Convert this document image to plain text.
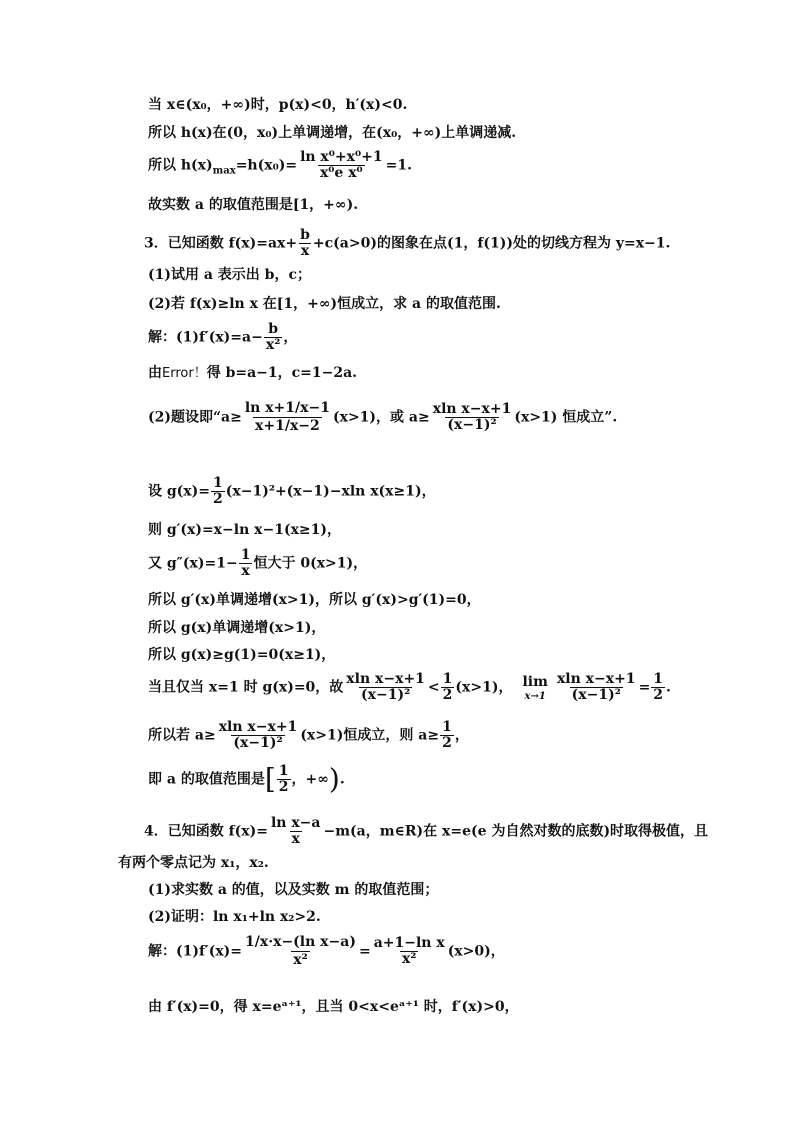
当 x∈(x₀，+∞)时，p(x)<0，h′(x)<0.
所以 h(x)在(0，x₀)上单调递增，在(x₀，+∞)上单调递减.
所以 $h(x)_{max}=h(x_0)= \frac{\text{ln x⁰+x⁰+1}}{\text{x⁰e x⁰}} =1$.
故实数 a 的取值范围是[1，+∞).
3．已知函数 $f(x)=ax+ \frac{b}{x} +c(a>0)$的图象在点(1，f(1))处的切线方程为 y=x−1.
(1)试用 a 表示出 b，c；
(2)若 f(x)≥ln x 在[1，+∞)恒成立，求 a 的取值范围.
解：$(1)f'(x)=a- \frac{b}{\text{x²}}$ ，
由Error！得 b=a−1，c=1−2a.
(2)题设即“$a\ge \frac{\text{ln x+1/x−1}}{x+1/x-2} (x>1)$，或 $a\ge \frac{\text{xln x−x+1}}{\text{(x−1)²}} (x>1)$ 恒成立”.
设 $g(x)= \frac{1}{2} (x-1)^2+(x-1)-xln$ x(x≥1)，
则 g′(x)=x−ln x−1(x≥1)，
又 $g''(x)=1- \frac{1}{x}$ 恒大于 0(x>1)，
所以 g′(x)单调递增(x>1)，所以 g′(x)>g′(1)=0，
所以 g(x)单调递增(x>1)，
所以 g(x)≥g(1)=0(x≥1)，
当且仅当 x=1 时 g(x)=0，故 $\frac{\text{xln x−x+1}}{\text{(x−1)²}} < \frac{1}{2} (x>1)$， lim
$x\to 1 \frac{\text{xln x−x+1}}{\text{(x−1)²}} = \frac{1}{2}$ .
所以若 $a\ge \frac{\text{xln x−x+1}}{\text{(x−1)²}} (x>1)$恒成立，则 $a\ge \frac{1}{2}$ ，
即 a 的取值范围是[ $\frac{1}{2}$ ，+∞).
4．已知函数 $f(x)= \frac{\text{ln x−a}}{x} -m(a$，m∈R)在 x=e(e 为自然对数的底数)时取得极值，且
有两个零点记为 x₁，x₂.
(1)求实数 a 的值，以及实数 m 的取值范围；
(2)证明：ln x₁+ln x₂>2.
解：$(1)f'(x)= \frac{\text{1/x·x−(ln x−a)}}{\text{x²}} = \frac{\text{a+1−ln x}}{\text{x²}} (x>0)$，
由 f′(x)=0，得 x=eᵃ⁺¹，且当 0<x<eᵃ⁺¹ 时，f′(x)>0，
